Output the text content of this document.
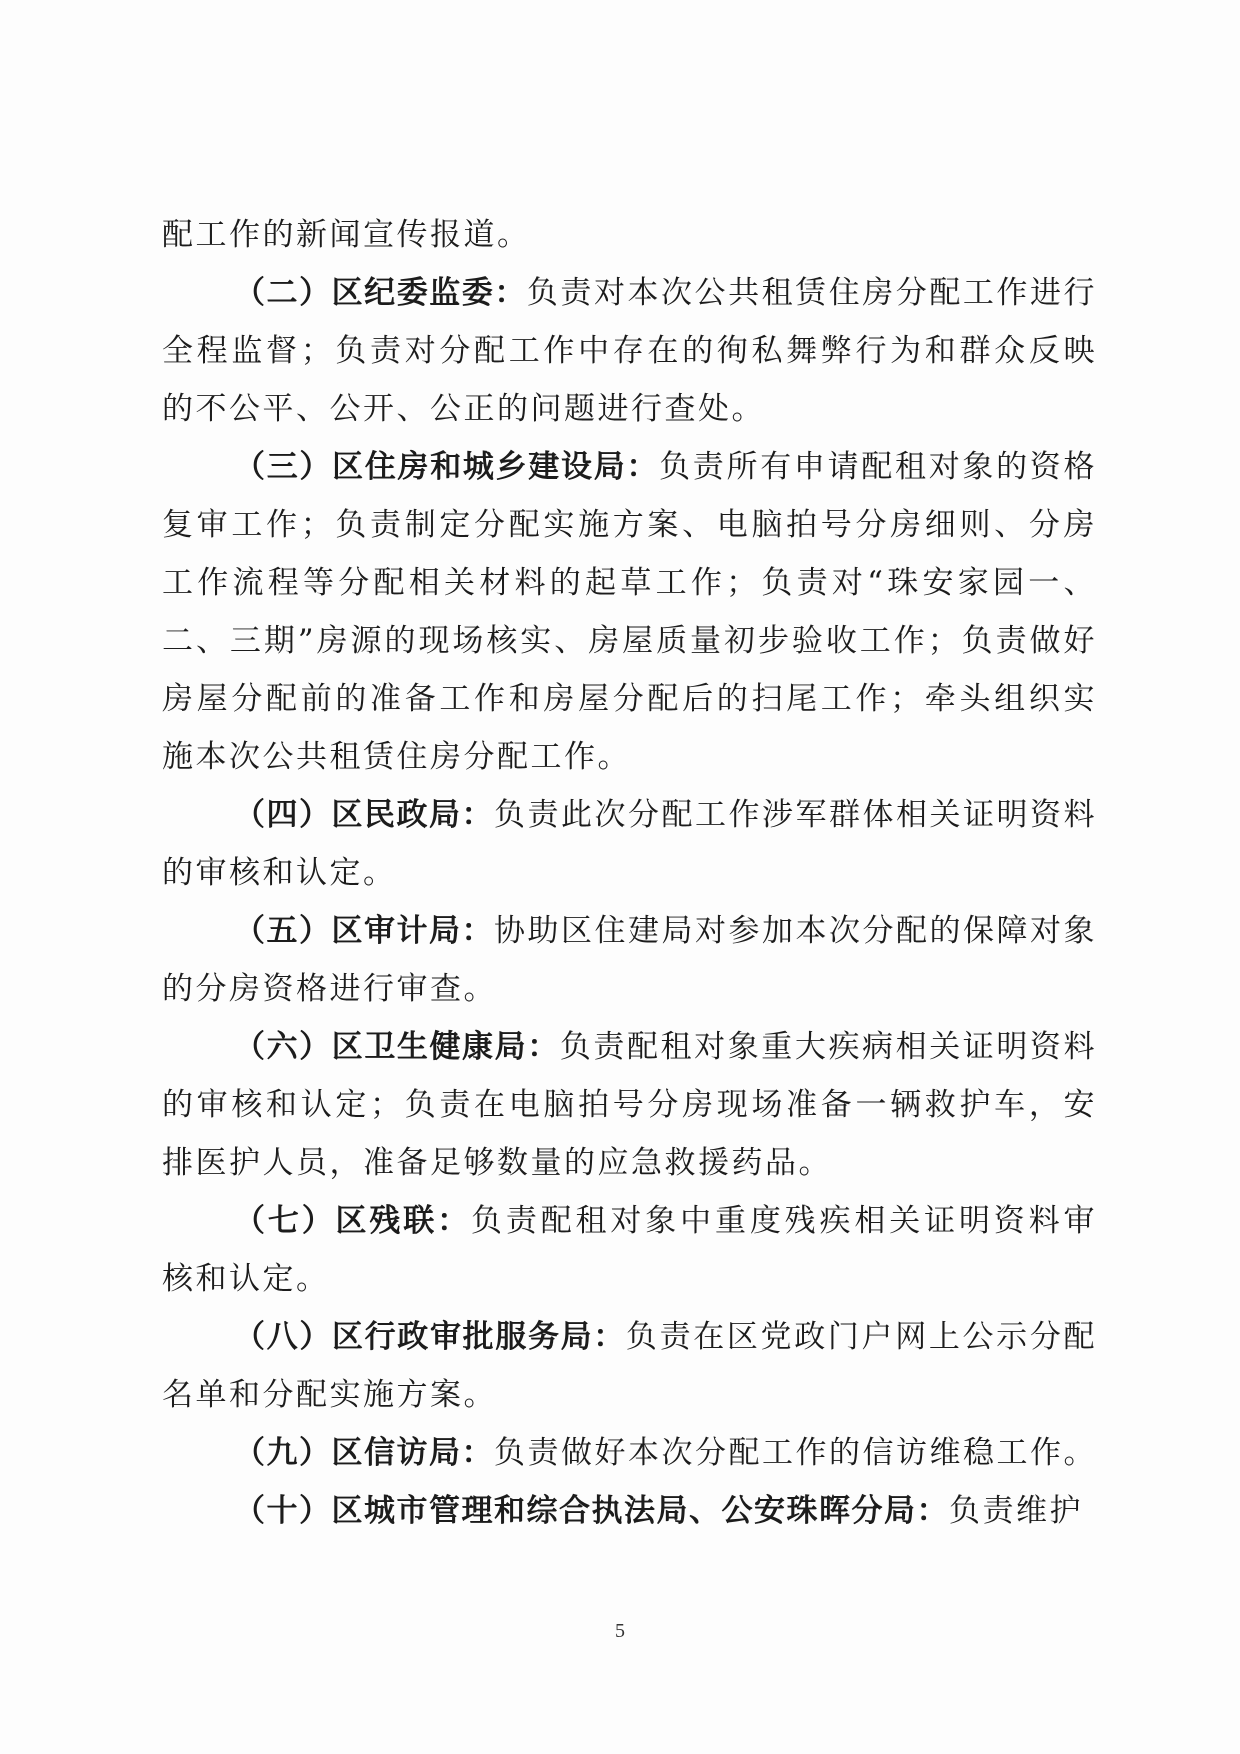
配工作的新闻宣传报道。

（二）区纪委监委：负责对本次公共租赁住房分配工作进行全程监督；负责对分配工作中存在的徇私舞弊行为和群众反映的不公平、公开、公正的问题进行查处。

（三）区住房和城乡建设局：负责所有申请配租对象的资格复审工作；负责制定分配实施方案、电脑拍号分房细则、分房工作流程等分配相关材料的起草工作；负责对“珠安家园一、二、三期”房源的现场核实、房屋质量初步验收工作；负责做好房屋分配前的准备工作和房屋分配后的扫尾工作；牵头组织实施本次公共租赁住房分配工作。

（四）区民政局：负责此次分配工作涉军群体相关证明资料的审核和认定。

（五）区审计局：协助区住建局对参加本次分配的保障对象的分房资格进行审查。

（六）区卫生健康局：负责配租对象重大疾病相关证明资料的审核和认定；负责在电脑拍号分房现场准备一辆救护车，安排医护人员，准备足够数量的应急救援药品。

（七）区残联：负责配租对象中重度残疾相关证明资料审核和认定。

（八）区行政审批服务局：负责在区党政门户网上公示分配名单和分配实施方案。

（九）区信访局：负责做好本次分配工作的信访维稳工作。

（十）区城市管理和综合执法局、公安珠晖分局：负责维护

5
